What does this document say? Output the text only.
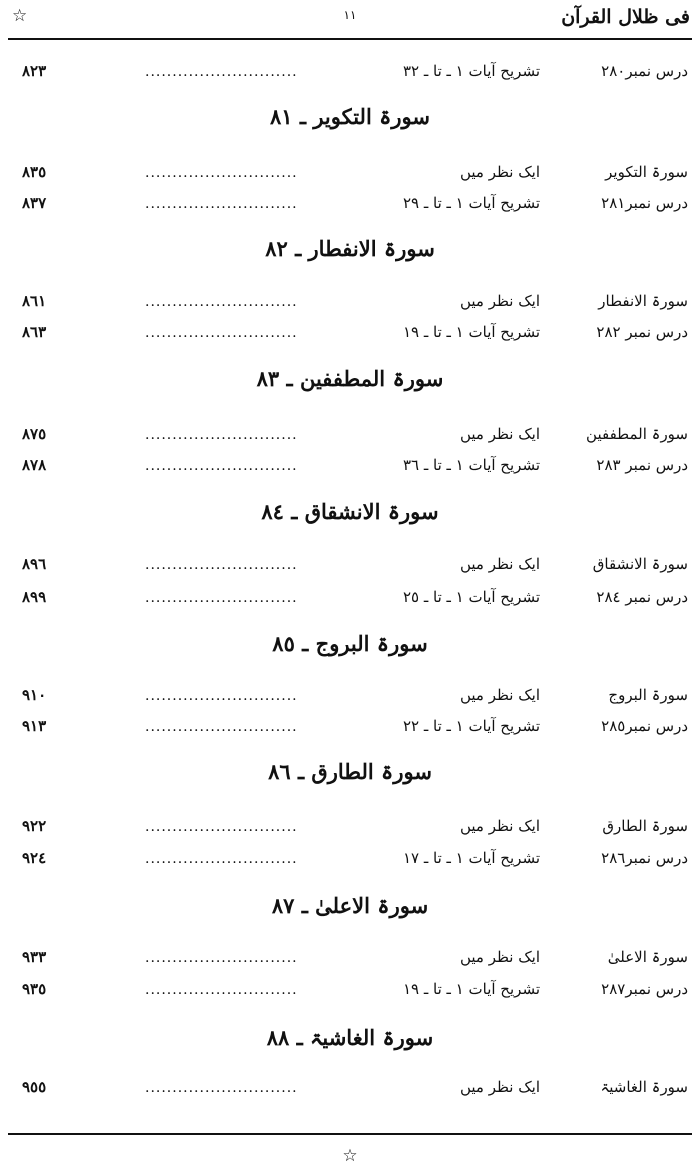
فی ظلال القرآن
١١
☆
درس نمبر٢٨٠
تشریح آیات ١ ـ تا ـ ٣٢
............................
٨٢٣
سورۃ التکویر ـ ٨١
سورۃ التکویر
ایک نظر میں
............................
٨٣٥
درس نمبر٢٨١
تشریح آیات ١ ـ تا ـ ٢٩
............................
٨٣٧
سورۃ الانفطار ـ ٨٢
سورۃ الانفطار
ایک نظر میں
............................
٨٦١
درس نمبر ٢٨٢
تشریح آیات ١ ـ تا ـ ١٩
............................
٨٦٣
سورۃ المطففین ـ ٨٣
سورۃ المطففین
ایک نظر میں
............................
٨٧٥
درس نمبر ٢٨٣
تشریح آیات ١ ـ تا ـ ٣٦
............................
٨٧٨
سورۃ الانشقاق ـ ٨٤
سورۃ الانشقاق
ایک نظر میں
............................
٨٩٦
درس نمبر ٢٨٤
تشریح آیات ١ ـ تا ـ ٢٥
............................
٨٩٩
سورۃ البروج ـ ٨٥
سورۃ البروج
ایک نظر میں
............................
٩١٠
درس نمبر٢٨٥
تشریح آیات ١ ـ تا ـ ٢٢
............................
٩١٣
سورۃ الطارق ـ ٨٦
سورۃ الطارق
ایک نظر میں
............................
٩٢٢
درس نمبر٢٨٦
تشریح آیات ١ ـ تا ـ ١٧
............................
٩٢٤
سورۃ الاعلیٰ ـ ٨٧
سورۃ الاعلیٰ
ایک نظر میں
............................
٩٣٣
درس نمبر٢٨٧
تشریح آیات ١ ـ تا ـ ١٩
............................
٩٣٥
سورۃ الغاشیۃ ـ ٨٨
سورۃ الغاشیۃ
ایک نظر میں
............................
٩٥٥
☆
